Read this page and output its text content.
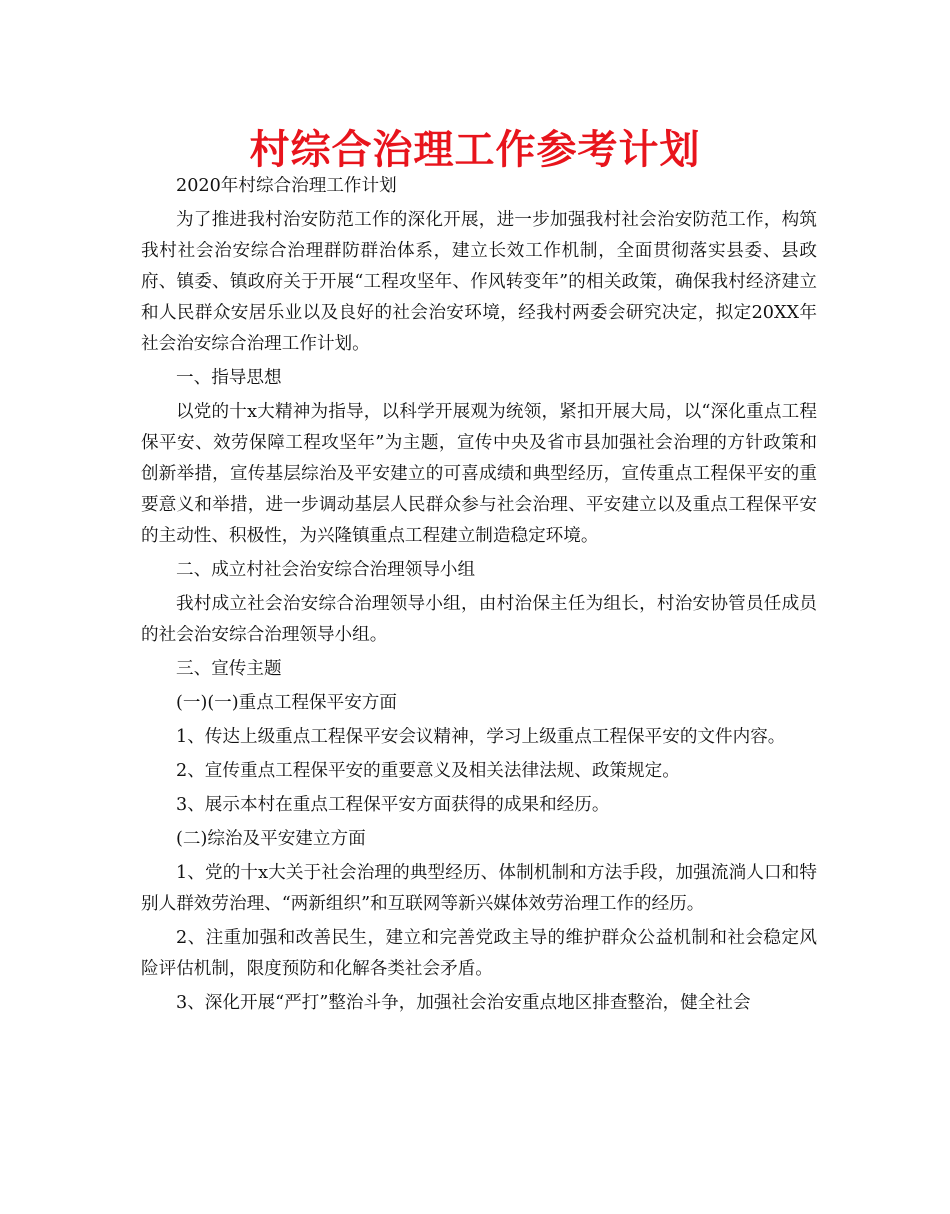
村综合治理工作参考计划

2020年村综合治理工作计划

为了推进我村治安防范工作的深化开展，进一步加强我村社会治安防范工作，构筑我村社会治安综合治理群防群治体系，建立长效工作机制，全面贯彻落实县委、县政府、镇委、镇政府关于开展“工程攻坚年、作风转变年”的相关政策，确保我村经济建立和人民群众安居乐业以及良好的社会治安环境，经我村两委会研究决定，拟定20XX年社会治安综合治理工作计划。

一、指导思想

以党的十x大精神为指导，以科学开展观为统领，紧扣开展大局，以“深化重点工程保平安、效劳保障工程攻坚年”为主题，宣传中央及省市县加强社会治理的方针政策和创新举措，宣传基层综治及平安建立的可喜成绩和典型经历，宣传重点工程保平安的重要意义和举措，进一步调动基层人民群众参与社会治理、平安建立以及重点工程保平安的主动性、积极性，为兴隆镇重点工程建立制造稳定环境。

二、成立村社会治安综合治理领导小组

我村成立社会治安综合治理领导小组，由村治保主任为组长，村治安协管员任成员的社会治安综合治理领导小组。

三、宣传主题

(一)(一)重点工程保平安方面

1、传达上级重点工程保平安会议精神，学习上级重点工程保平安的文件内容。

2、宣传重点工程保平安的重要意义及相关法律法规、政策规定。

3、展示本村在重点工程保平安方面获得的成果和经历。

(二)综治及平安建立方面

1、党的十x大关于社会治理的典型经历、体制机制和方法手段，加强流淌人口和特别人群效劳治理、“两新组织”和互联网等新兴媒体效劳治理工作的经历。

2、注重加强和改善民生，建立和完善党政主导的维护群众公益机制和社会稳定风险评估机制，限度预防和化解各类社会矛盾。

3、深化开展“严打”整治斗争，加强社会治安重点地区排查整治，健全社会
